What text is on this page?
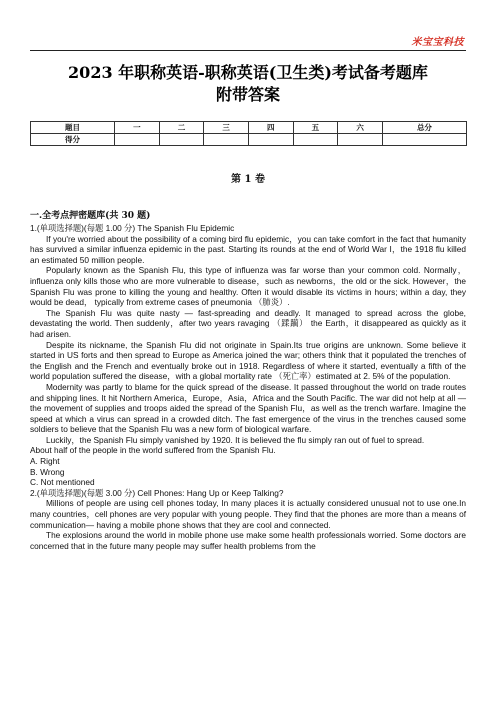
米宝宝科技
2023 年职称英语-职称英语(卫生类)考试备考题库
附带答案
题目	一	二	三	四	五	六	总分
得分							
第 1 卷
一.全考点押密题库(共 30 题)

1.(单项选择题)(每题 1.00 分) The Spanish Flu Epidemic

If you're worried about the possibility of a coming bird flu epidemic，you can take comfort in the fact that humanity has survived a similar influenza epidemic in the past. Starting its rounds at the end of World War I，the 1918 flu killed an estimated 50 million people.

Popularly known as the Spanish Flu, this type of influenza was far worse than your common cold. Normally，influenza only kills those who are more vulnerable to disease，such as newborns，the old or the sick. However，the Spanish Flu was prone to killing the young and healthy. Often it would disable its victims in hours; within a day, they would be dead， typically from extreme cases of pneumonia （肺炎）.

The Spanish Flu was quite nasty — fast-spreading and deadly. It managed to spread across the globe, devastating the world. Then suddenly，after two years ravaging （蹂躏） the Earth，it disappeared as quickly as it had arisen.

Despite its nickname, the Spanish Flu did not originate in Spain.Its true origins are unknown. Some believe it started in US forts and then spread to Europe as America joined the war; others think that it populated the trenches of the English and the French and eventually broke out in 1918. Regardless of where it started, eventually a fifth of the world population suffered the disease，with a global mortality rate （死亡率）estimated at 2. 5% of the population.

Modernity was partly to blame for the quick spread of the disease. It passed throughout the world on trade routes and shipping lines. It hit Northern America，Europe，Asia，Africa and the South Pacific. The war did not help at all — the movement of supplies and troops aided the spread of the Spanish Flu，as well as the trench warfare. Imagine the speed at which a virus can spread in a crowded ditch. The fast emergence of the virus in the trenches caused some soldiers to believe that the Spanish Flu was a new form of biological warfare.

Luckily，the Spanish Flu simply vanished by 1920. It is believed the flu simply ran out of fuel to spread.

About half of the people in the world suffered from the Spanish Flu.

A. Right

B. Wrong

C. Not mentioned

2.(单项选择题)(每题 3.00 分) Cell Phones: Hang Up or Keep Talking?

Millions of people are using cell phones today, In many places it is actually considered unusual not to use one.In many countries，cell phones are very popular with young people. They find that the phones are more than a means of communication— having a mobile phone shows that they are cool and connected.

The explosions around the world in mobile phone use make some health professionals worried. Some doctors are concerned that in the future many people may suffer health problems from the
